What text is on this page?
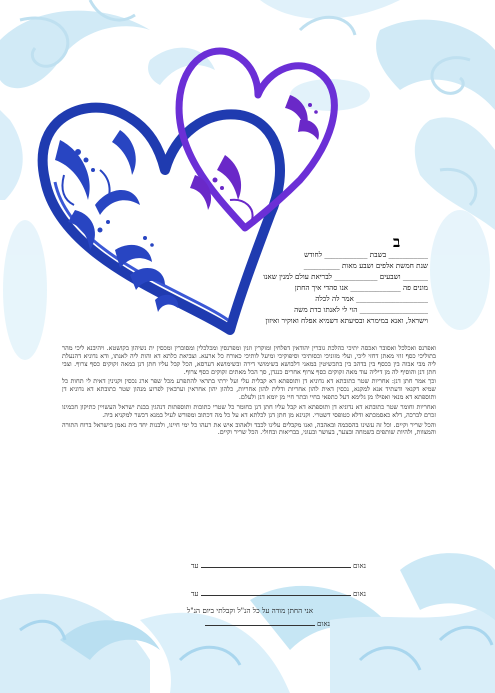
ב
___________ בשבת ____________ לחודש
שנת חמשת אלפים ושבע מאות __________
_______ ושבעים ____________ לבריאת עולם למנין שאנו
מונים פה ______________ אנו סהדי איך החתן
____________________ אמר לה לכלה
___________________ הוי לי לאנתו כדת משה
וישראל, ואנא במימרא ובסיעתא דשמיא אפלח ואוקיר ואיזון

ואפרנס ואכלכל ואסובר ואכסה יתיכי כהלכת גוברין יהודאין דפלחין ומוקרין וזנין ומפרנסין ומכלכלין ומסוברין ומכסין ית נשיהון בקושטא. ויהיבנא ליכי מהר בתוליכי כסף זוזי מאתן דחזי ליכי, ועלי מזוניכי וכסותיכי וסיפוקיכי ומיעל לותיכי כאורח כל ארעא. וצביאת כלתא דא והות ליה לאנתו, ודא נדוניא דהנעלת ליה מבי אבוה בין בכסף בין בדהב בין בתכשיטין במאני דלבושא בשימושי דירה ובשימושא דערסא, הכל קבל עליו חתן דנן במאה זקוקים כסף צרוף. וצבי חתן דנן והוסיף לה מן דיליה עוד מאה זקוקים כסף צרוף אחרים כנגדן, סך הכל מאתים זקוקים כסף צרוף.

וכך אמר חתן דנן: אחריות שטר כתובתא דא נדוניא דן ותוספתא דא קבלית עלי ועל ירתי בתראי להתפרע מכל שפר ארג נכסין וקנינין דאית לי תחות כל שמיא דקנאי ודעתיד אנא למקנא, נכסין דאית להון אחריות ודלית להון אחריות, כלהון יהון אחראין וערבאין לפרוע מנהון שטר כתובתא דא נדוניא דן ותוספתא דא מנאי ואפילו מן גלימא דעל כתפאי בחיי ובתר חיי מן יומא דנן ולעלם.

ואחריות וחומר שטר כתובתא דא נדוניא דן ותוספתא דא קבל עליו חתן דנן כחומר כל שטרי כתובות ותוספתות דנהגין בבנת ישראל העשויין כתיקון חכמינו זכרם לברכה, דלא כאסמכתא ודלא כטופסי דשטרי. וקנינא מן חתן דנן לכלתא דא על כל מה דכתוב ומפורש לעיל במנא דכשר למקניא ביה.

והכל שריר וקיים. וכל זה עשינו בהסכמה ובאהבה, ואנו מקבלים עלינו לכבד ולאהוב איש את רעהו כל ימי חיינו, ולבנות יחד בית נאמן בישראל ברוח התורה והמצוות, ולהיות שותפים בשמחה ובצער, בעושר ובעוני, בבריאות ובחולי. הכל שריר וקיים.

נאום  עד
נאום  עד
אני החתן מודה על כל הנ"ל וקבלתי ביום הנ"ל
נאום
